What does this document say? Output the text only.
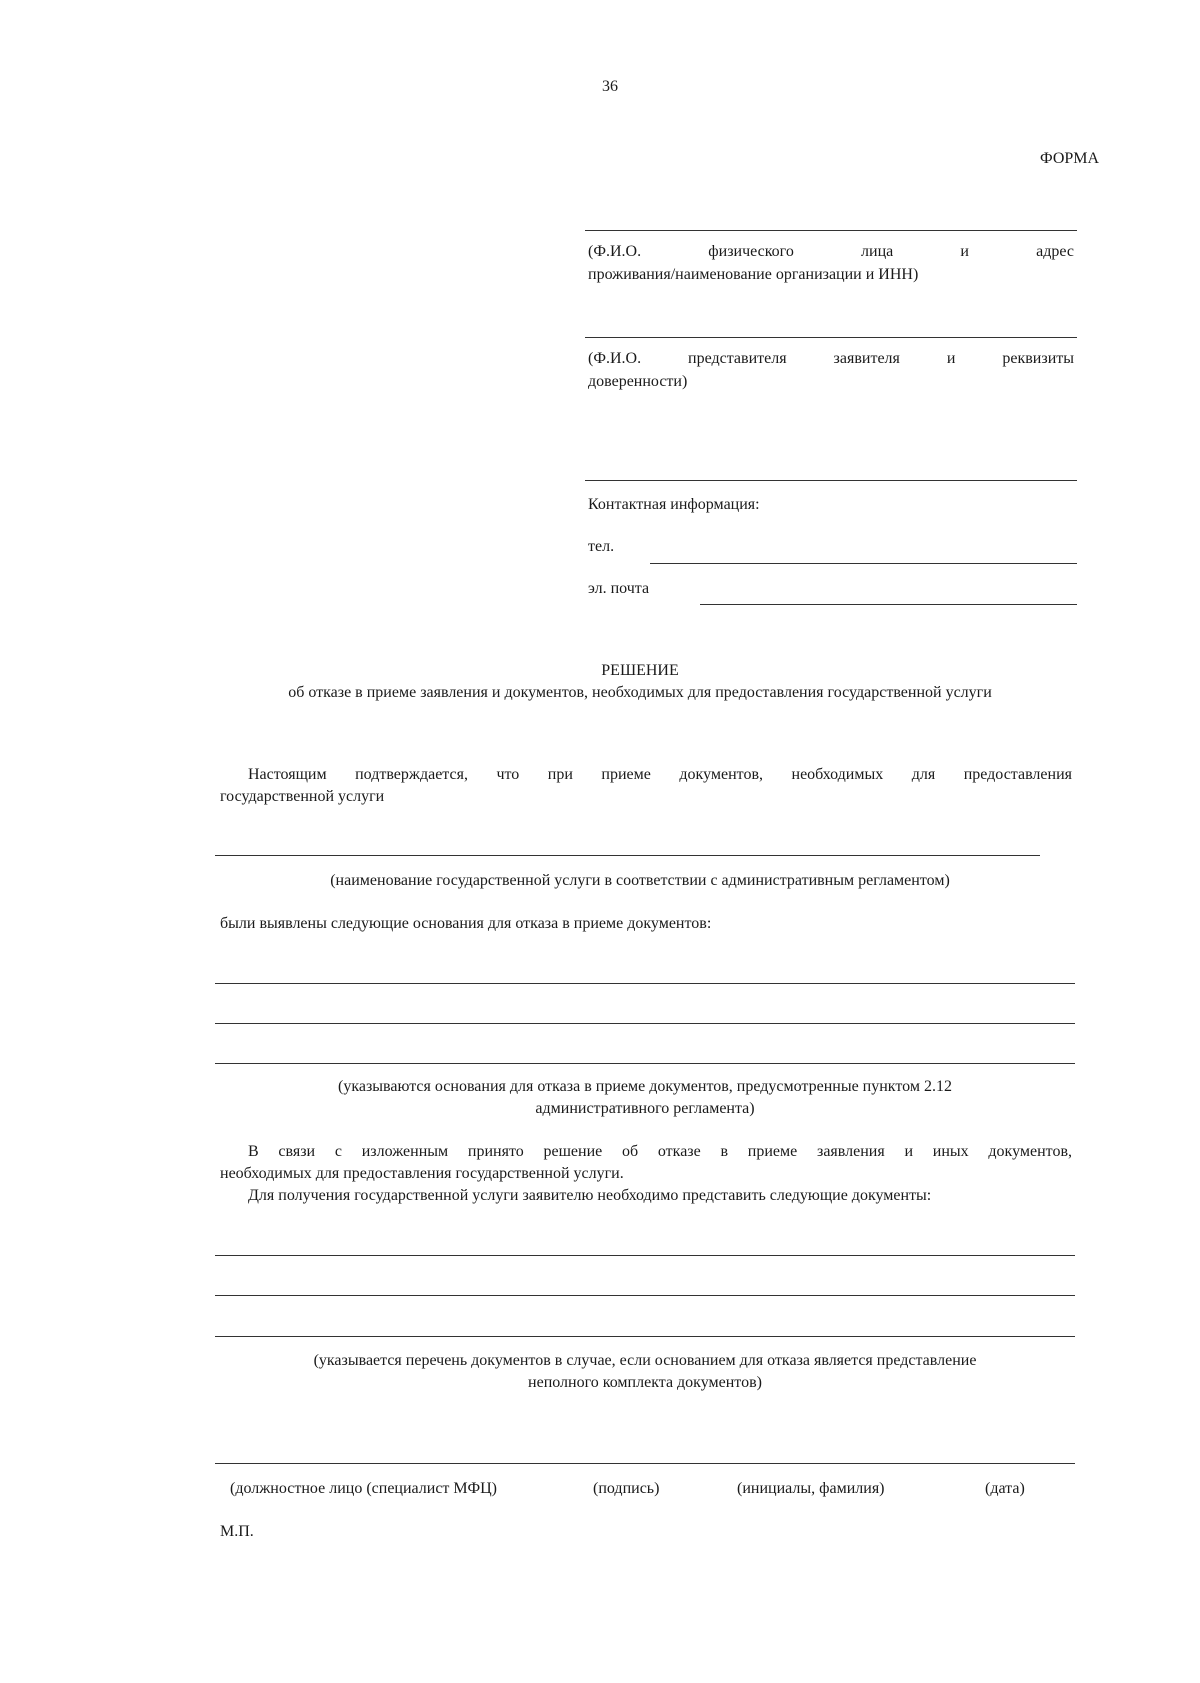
36
ФОРМА

(Ф.И.О. физического лица и адрес

проживания/наименование организации и ИНН)

(Ф.И.О. представителя заявителя и реквизиты

доверенности)

Контактная информация:

тел.

эл. почта

РЕШЕНИЕ

об отказе в приеме заявления и документов, необходимых для предоставления государственной услуги

Настоящим подтверждается, что при приеме документов, необходимых для предоставления

государственной услуги

(наименование государственной услуги в соответствии с административным регламентом)

были выявлены следующие основания для отказа в приеме документов:

(указываются основания для отказа в приеме документов, предусмотренные пунктом 2.12

административного регламента)

В связи с изложенным принято решение об отказе в приеме заявления и иных документов,

необходимых для предоставления государственной услуги.

Для получения государственной услуги заявителю необходимо представить следующие документы:

(указывается перечень документов в случае, если основанием для отказа является представление

неполного комплекта документов)

(должностное лицо (специалист МФЦ)	(подпись)	(инициалы, фамилия)	(дата)

М.П.
